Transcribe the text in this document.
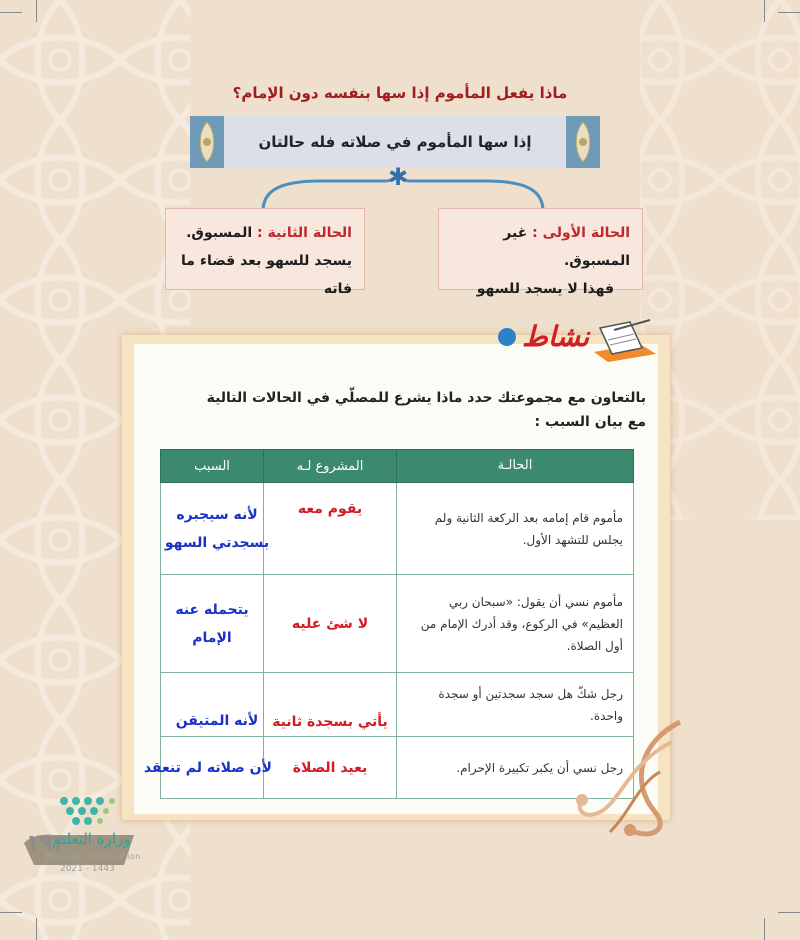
ماذا يفعل المأموم إذا سها بنفسه دون الإمام؟
إذا سها المأموم في صلاته فله حالتان
✱
الحالة الأولى : غير المسبوق.
فهذا لا يسجد للسهو
الحالة الثانية : المسبوق.
يسجد للسهو بعد قضاء ما فاته
نشاط
بالتعاون مع مجموعتك حدد ماذا يشرع للمصلّي في الحالات التالية
مع بيان السبب :
الحالـة	المشروع لـه	السبب
مأموم قام إمامه بعد الركعة الثانية ولم يجلس للتشهد الأول.	يقوم معه	لأنه سيجبره بسجدتي السهو

مأموم نسي أن يقول: «سبحان ربي العظيم» في الركوع، وقد أدرك الإمام من أول الصلاة.	لا شئ عليه	يتحمله عنه الإمام

رجل شكّ هل سجد سجدتين أو سجدة واحدة.	يأتي بسجدة ثانية	لأنه المتيقن

رجل نسي أن يكبر تكبيرة الإحرام.	يعيد الصلاة	لأن صلاته لم تنعقد
١٩٣
وزارة التعليم
Ministry of Education
2021 - 1443
